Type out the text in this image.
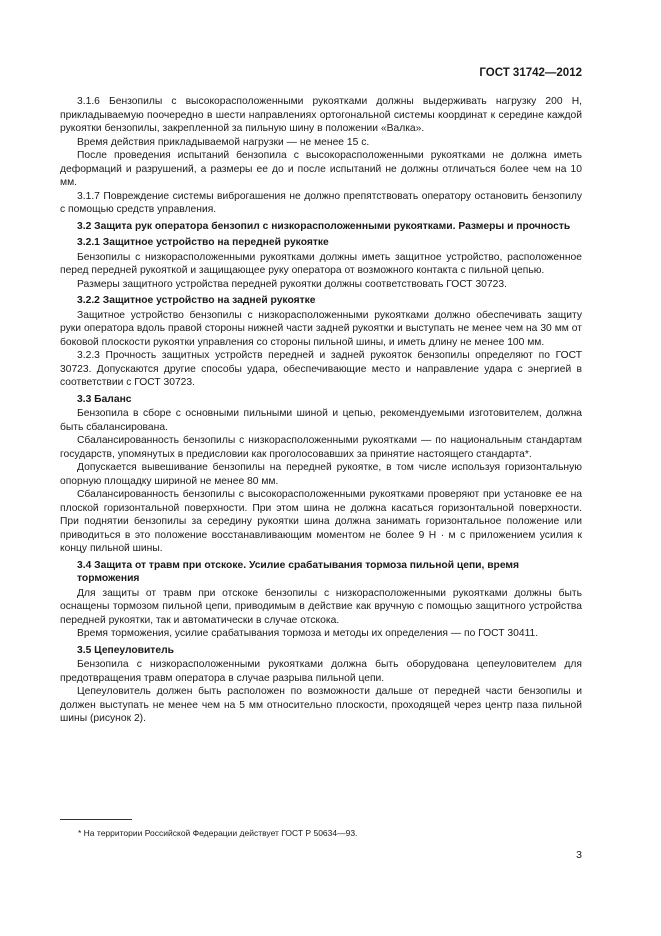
ГОСТ 31742—2012

3.1.6 Бензопилы с высокорасположенными рукоятками должны выдерживать нагрузку 200 Н, прикладываемую поочередно в шести направлениях ортогональной системы координат к середине каждой рукоятки бензопилы, закрепленной за пильную шину в положении «Валка».

Время действия прикладываемой нагрузки — не менее 15 с.

После проведения испытаний бензопила с высокорасположенными рукоятками не должна иметь деформаций и разрушений, а размеры ее до и после испытаний не должны отличаться более чем на 10 мм.

3.1.7 Повреждение системы виброгашения не должно препятствовать оператору остановить бензопилу с помощью средств управления.

3.2 Защита рук оператора бензопил с низкорасположенными рукоятками. Размеры и прочность

3.2.1 Защитное устройство на передней рукоятке

Бензопилы с низкорасположенными рукоятками должны иметь защитное устройство, расположенное перед передней рукояткой и защищающее руку оператора от возможного контакта с пильной цепью.

Размеры защитного устройства передней рукоятки должны соответствовать ГОСТ 30723.

3.2.2 Защитное устройство на задней рукоятке

Защитное устройство бензопилы с низкорасположенными рукоятками должно обеспечивать защиту руки оператора вдоль правой стороны нижней части задней рукоятки и выступать не менее чем на 30 мм от боковой плоскости рукоятки управления со стороны пильной шины, и иметь длину не менее 100 мм.

3.2.3 Прочность защитных устройств передней и задней рукояток бензопилы определяют по ГОСТ 30723. Допускаются другие способы удара, обеспечивающие место и направление удара с энергией в соответствии с ГОСТ 30723.

3.3 Баланс

Бензопила в сборе с основными пильными шиной и цепью, рекомендуемыми изготовителем, должна быть сбалансирована.

Сбалансированность бензопилы с низкорасположенными рукоятками — по национальным стандартам государств, упомянутых в предисловии как проголосовавших за принятие настоящего стандарта*.

Допускается вывешивание бензопилы на передней рукоятке, в том числе используя горизонтальную опорную площадку шириной не менее 80 мм.

Сбалансированность бензопилы с высокорасположенными рукоятками проверяют при установке ее на плоской горизонтальной поверхности. При этом шина не должна касаться горизонтальной поверхности. При поднятии бензопилы за середину рукоятки шина должна занимать горизонтальное положение или приводиться в это положение восстанавливающим моментом не более 9 Н · м с приложением усилия к концу пильной шины.

3.4 Защита от травм при отскоке. Усилие срабатывания тормоза пильной цепи, время торможения

Для защиты от травм при отскоке бензопилы с низкорасположенными рукоятками должны быть оснащены тормозом пильной цепи, приводимым в действие как вручную с помощью защитного устройства передней рукоятки, так и автоматически в случае отскока.

Время торможения, усилие срабатывания тормоза и методы их определения — по ГОСТ 30411.

3.5 Цепеуловитель

Бензопила с низкорасположенными рукоятками должна быть оборудована цепеуловителем для предотвращения травм оператора в случае разрыва пильной цепи.

Цепеуловитель должен быть расположен по возможности дальше от передней части бензопилы и должен выступать не менее чем на 5 мм относительно плоскости, проходящей через центр паза пильной шины (рисунок 2).

* На территории Российской Федерации действует ГОСТ Р 50634—93.
3
